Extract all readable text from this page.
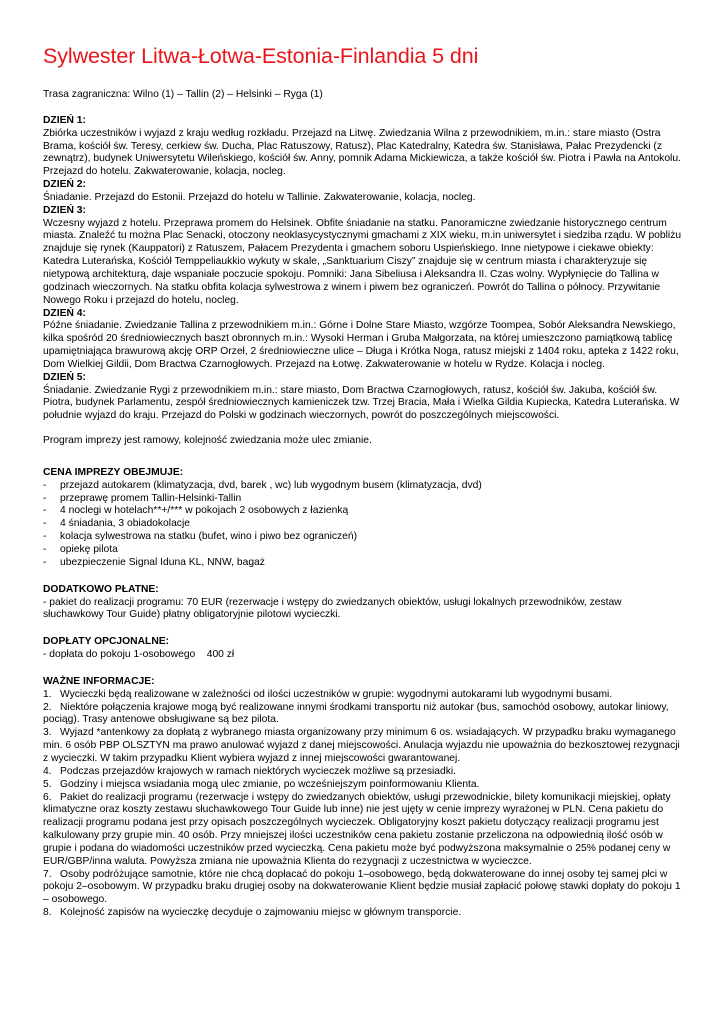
Sylwester Litwa-Łotwa-Estonia-Finlandia 5 dni
Trasa zagraniczna: Wilno (1) – Tallin (2) – Helsinki – Ryga (1)
DZIEŃ 1:

Zbiórka uczestników i wyjazd z kraju według rozkładu. Przejazd na Litwę. Zwiedzania Wilna z przewodnikiem, m.in.: stare miasto (Ostra Brama, kościół św. Teresy, cerkiew św. Ducha, Plac Ratuszowy, Ratusz), Plac Katedralny, Katedra św. Stanisława, Pałac Prezydencki (z zewnątrz), budynek Uniwersytetu Wileńskiego, kościół św. Anny, pomnik Adama Mickiewicza, a także kościół św. Piotra i Pawła na Antokolu. Przejazd do hotelu. Zakwaterowanie, kolacja, nocleg.

DZIEŃ 2:

Śniadanie. Przejazd do Estonii. Przejazd do hotelu w Tallinie. Zakwaterowanie, kolacja, nocleg.

DZIEŃ 3:

Wczesny wyjazd z hotelu. Przeprawa promem do Helsinek. Obfite śniadanie na statku. Panoramiczne zwiedzanie historycznego centrum miasta. Znaleźć tu można Plac Senacki, otoczony neoklasycystycznymi gmachami z XIX wieku, m.in uniwersytet i siedziba rządu. W pobliżu znajduje się rynek (Kauppatori) z Ratuszem, Pałacem Prezydenta i gmachem soboru Uspieńskiego. Inne nietypowe i ciekawe obiekty: Katedra Luterańska, Kościół Temppeliaukkio wykuty w skale, „Sanktuarium Ciszy” znajduje się w centrum miasta i charakteryzuje się nietypową architekturą, daje wspaniałe poczucie spokoju. Pomniki: Jana Sibeliusa i Aleksandra II. Czas wolny. Wypłynięcie do Tallina w godzinach wieczornych. Na statku obfita kolacja sylwestrowa z winem i piwem bez ograniczeń. Powrót do Tallina o północy. Przywitanie Nowego Roku i przejazd do hotelu, nocleg.

DZIEŃ 4:

Późne śniadanie. Zwiedzanie Tallina z przewodnikiem m.in.: Górne i Dolne Stare Miasto, wzgórze Toompea, Sobór Aleksandra Newskiego, kilka spośród 20 średniowiecznych baszt obronnych m.in.: Wysoki Herman i Gruba Małgorzata, na której umieszczono pamiątkową tablicę upamiętniająca brawurową akcję ORP Orzeł, 2 średniowieczne ulice – Długa i Krótka Noga, ratusz miejski z 1404 roku, apteka z 1422 roku, Dom Wielkiej Gildii, Dom Bractwa Czarnogłowych. Przejazd na Łotwę. Zakwaterowanie w hotelu w Rydze. Kolacja i nocleg.

DZIEŃ 5:

Śniadanie. Zwiedzanie Rygi z przewodnikiem m.in.: stare miasto, Dom Bractwa Czarnogłowych, ratusz, kościół św. Jakuba, kościół św. Piotra, budynek Parlamentu, zespół średniowiecznych kamieniczek tzw. Trzej Bracia, Mała i Wielka Gildia Kupiecka, Katedra Luterańska. W południe wyjazd do kraju. Przejazd do Polski w godzinach wieczornych, powrót do poszczególnych miejscowości.

Program imprezy jest ramowy, kolejność zwiedzania może ulec zmianie.
CENA IMPREZY OBEJMUJE:
- przejazd autokarem (klimatyzacja, dvd, barek , wc) lub wygodnym busem (klimatyzacja, dvd)
- przeprawę promem Tallin-Helsinki-Tallin
- 4 noclegi w hotelach**+/*** w pokojach 2 osobowych z łazienką
- 4 śniadania, 3 obiadokolacje
- kolacja sylwestrowa na statku (bufet, wino i piwo bez ograniczeń)
- opiekę pilota
- ubezpieczenie Signal Iduna KL, NNW, bagaż
DODATKOWO PŁATNE:
- pakiet do realizacji programu: 70 EUR (rezerwacje i wstępy do zwiedzanych obiektów, usługi lokalnych przewodników, zestaw słuchawkowy Tour Guide) płatny obligatoryjnie pilotowi wycieczki.
DOPŁATY OPCJONALNE:
- dopłata do pokoju 1-osobowego    400 zł
WAŻNE INFORMACJE:
1. Wycieczki będą realizowane w zależności od ilości uczestników w grupie: wygodnymi autokarami lub wygodnymi busami.
2. Niektóre połączenia krajowe mogą być realizowane innymi środkami transportu niż autokar (bus, samochód osobowy, autokar liniowy, pociąg). Trasy antenowe obsługiwane są bez pilota.
3. Wyjazd *antenkowy za dopłatą z wybranego miasta organizowany przy minimum 6 os. wsiadających. W przypadku braku wymaganego min. 6 osób PBP OLSZTYN ma prawo anulować wyjazd z danej miejscowości. Anulacja wyjazdu nie upoważnia do bezkosztowej rezygnacji z wycieczki. W takim przypadku Klient wybiera wyjazd z innej miejscowości gwarantowanej.
4. Podczas przejazdów krajowych w ramach niektórych wycieczek możliwe są przesiadki.
5. Godziny i miejsca wsiadania mogą ulec zmianie, po wcześniejszym poinformowaniu Klienta.
6. Pakiet do realizacji programu (rezerwacje i wstępy do zwiedzanych obiektów, usługi przewodnickie, bilety komunikacji miejskiej, opłaty klimatyczne oraz koszty zestawu słuchawkowego Tour Guide lub inne) nie jest ujęty w cenie imprezy wyrażonej w PLN. Cena pakietu do realizacji programu podana jest przy opisach poszczególnych wycieczek. Obligatoryjny koszt pakietu dotyczący realizacji programu jest kalkulowany przy grupie min. 40 osób. Przy mniejszej ilości uczestników cena pakietu zostanie przeliczona na odpowiednią ilość osób w grupie i podana do wiadomości uczestników przed wycieczką. Cena pakietu może być podwyższona maksymalnie o 25% podanej ceny w EUR/GBP/inna waluta. Powyższa zmiana nie upoważnia Klienta do rezygnacji z uczestnictwa w wycieczce.
7. Osoby podróżujące samotnie, które nie chcą dopłacać do pokoju 1–osobowego, będą dokwaterowane do innej osoby tej samej płci w pokoju 2–osobowym. W przypadku braku drugiej osoby na dokwaterowanie Klient będzie musiał zapłacić połowę stawki dopłaty do pokoju 1 – osobowego.
8. Kolejność zapisów na wycieczkę decyduje o zajmowaniu miejsc w głównym transporcie.
